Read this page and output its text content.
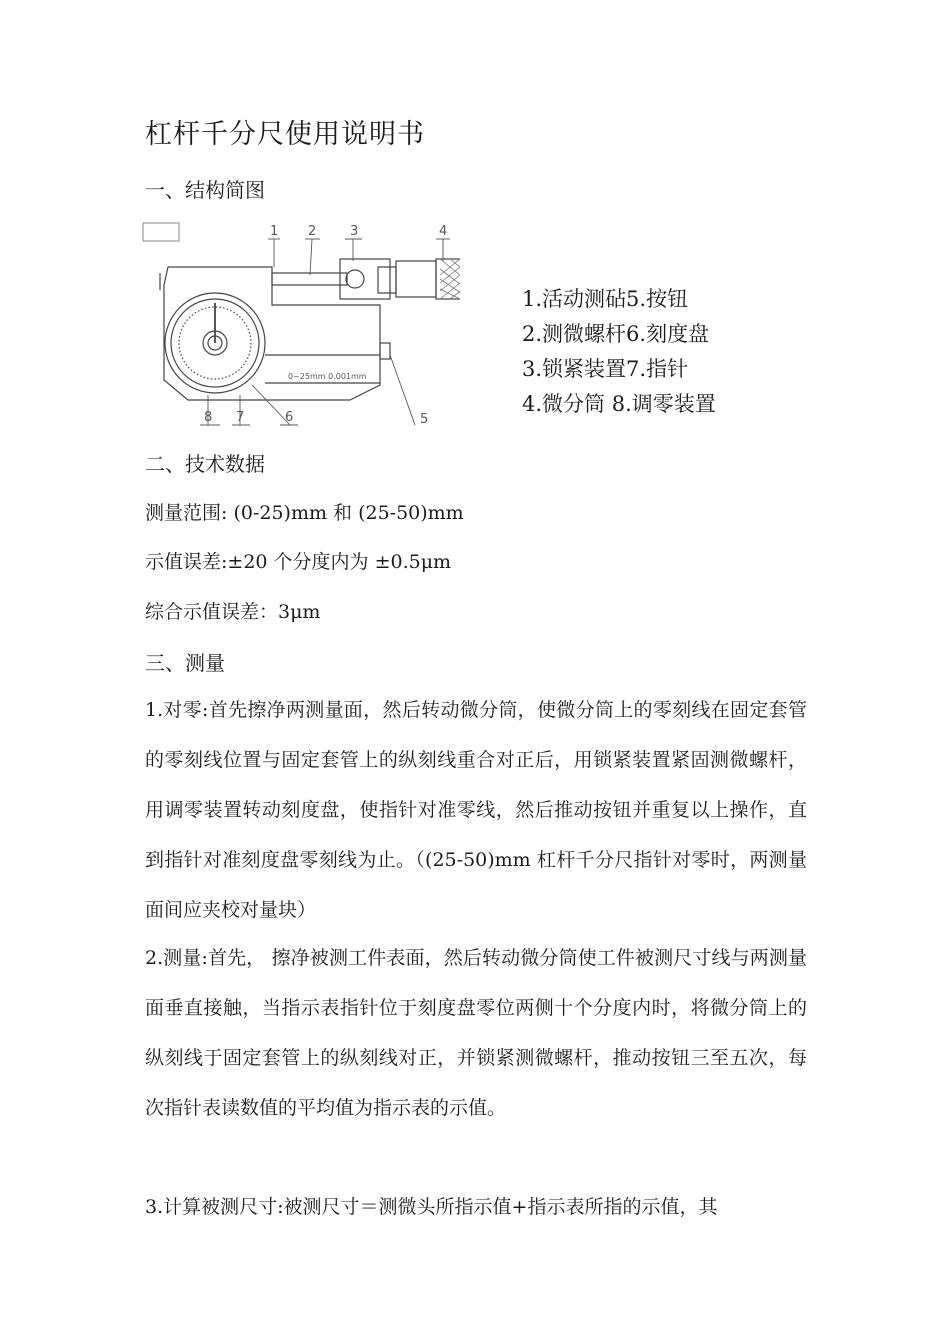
杠杆千分尺使用说明书
一、结构简图
1 2	3	4
5
6
7
8
0~25mm 0.001mm
1.活动测砧5.按钮
2.测微螺杆6.刻度盘
3.锁紧装置7.指针
4.微分筒 8.调零装置
二、技术数据
测量范围: (0-25)mm 和 (25-50)mm
示值误差:±20 个分度内为 ±0.5μm
综合示值误差：3μm
三、测量
1.对零:首先擦净两测量面，然后转动微分筒，使微分筒上的零刻线在固定套管的零刻线位置与固定套管上的纵刻线重合对正后，用锁紧装置紧固测微螺杆，用调零装置转动刻度盘，使指针对准零线，然后推动按钮并重复以上操作，直到指针对准刻度盘零刻线为止。（(25-50)mm 杠杆千分尺指针对零时，两测量面间应夹校对量块）
2.测量:首先， 擦净被测工件表面，然后转动微分筒使工件被测尺寸线与两测量面垂直接触，当指示表指针位于刻度盘零位两侧十个分度内时，将微分筒上的纵刻线于固定套管上的纵刻线对正，并锁紧测微螺杆，推动按钮三至五次，每次指针表读数值的平均值为指示表的示值。
3.计算被测尺寸:被测尺寸＝测微头所指示值+指示表所指的示值，其
